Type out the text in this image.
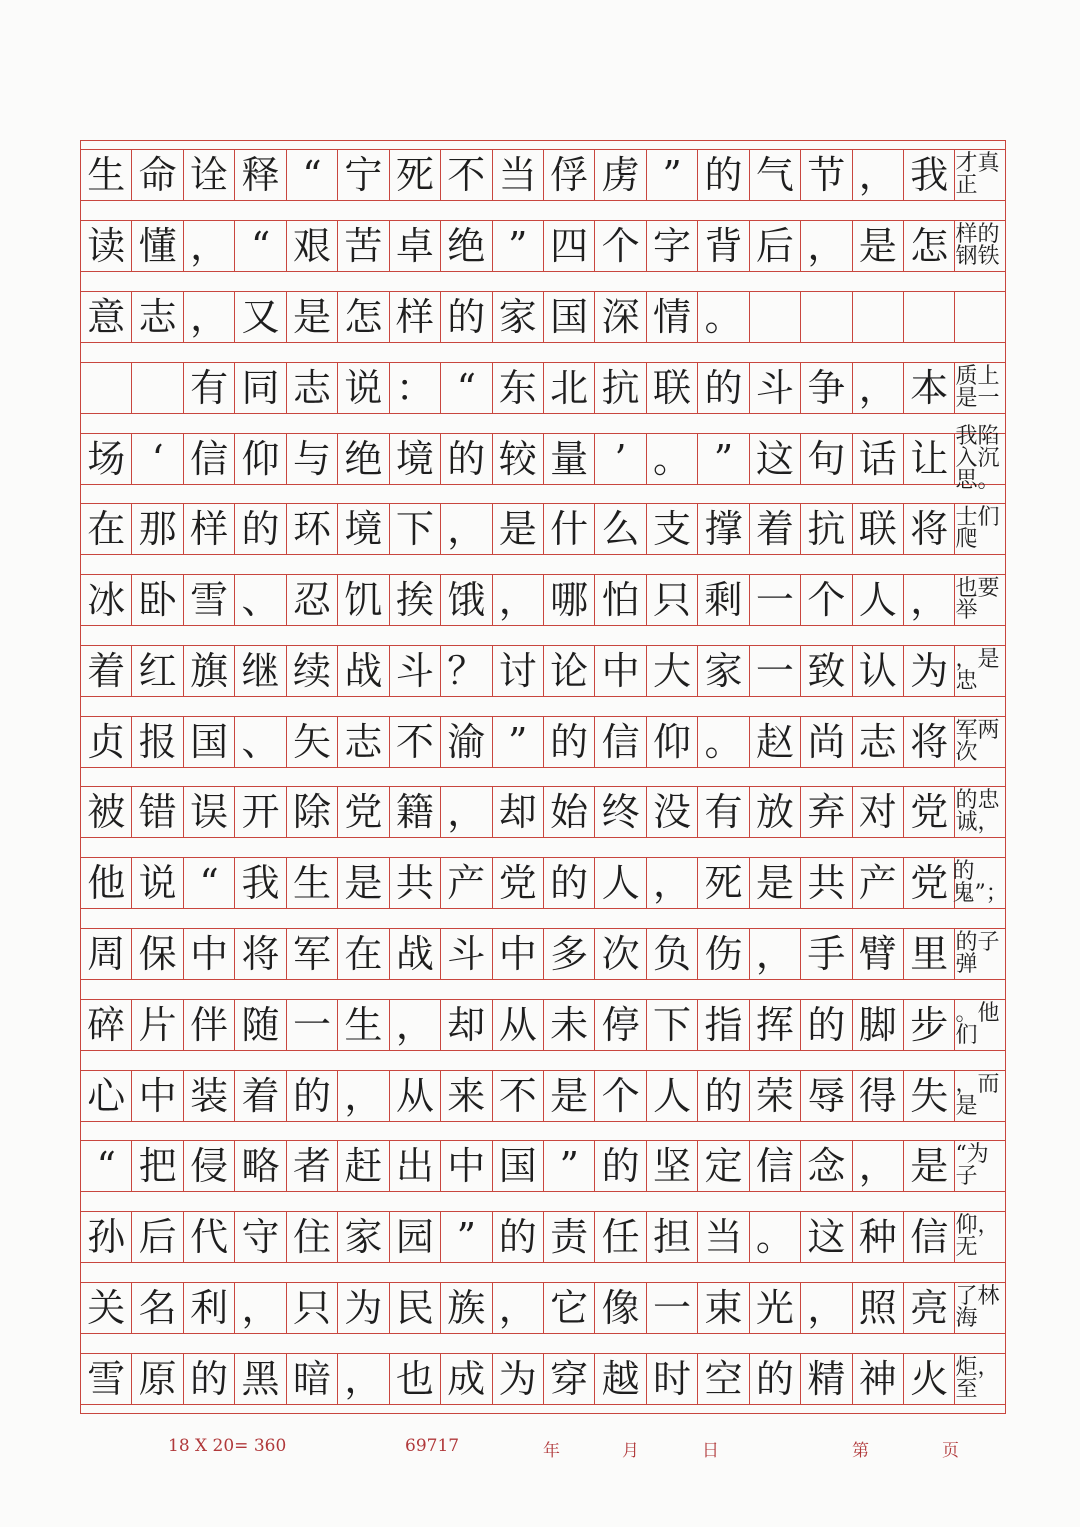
生 命 诠 释 “ 宁 死 不 当 俘 虏 ” 的 气 节 ， 我 才真正
读 懂 ， “ 艰 苦 卓 绝 ” 四 个 字 背 后 ， 是 怎 样的钢铁
意 志 ， 又 是 怎 样 的 家 国 深 情 。
有 同 志 说 ： “ 东 北 抗 联 的 斗 争 ， 本 质上是一
场 ‘ 信 仰 与 绝 境 的 较 量 ’ 。 ” 这 句 话 让
我陷入沉思。
在 那 样 的 环 境 下 ， 是 什 么 支 撑 着 抗 联 将 士们爬
冰 卧 雪 、 忍 饥 挨 饿 ， 哪 怕 只 剩 一 个 人 ， 也要举
着 红 旗 继 续 战 斗 ？ 讨 论 中 大 家 一 致 认 为 ，是忠
贞 报 国 、 矢 志 不 渝 ” 的 信 仰 。 赵 尚 志 将 军两次
被 错 误 开 除 党 籍 ， 却 始 终 没 有 放 弃 对 党 的忠诚，
他 说 “ 我 生 是 共 产 党 的 人 ， 死 是 共 产 党 的鬼”；
周 保 中 将 军 在 战 斗 中 多 次 负 伤 ， 手 臂 里 的子弹
碎 片 伴 随 一 生 ， 却 从 未 停 下 指 挥 的 脚 步 。他们
心 中 装 着 的 ， 从 来 不 是 个 人 的 荣 辱 得 失 ，而是
“ 把 侵 略 者 赶 出 中 国 ” 的 坚 定 信 念 ， 是 “为子
孙 后 代 守 住 家 园 ” 的 责 任 担 当 。 这 种 信 仰，无
关 名 利 ， 只 为 民 族 ， 它 像 一 束 光 ， 照 亮 了林海
雪 原 的 黑 暗 ， 也 成 为 穿 越 时 空 的 精 神 火 炬，至
18 X 20= 360	69717	年	月	日	第	页
